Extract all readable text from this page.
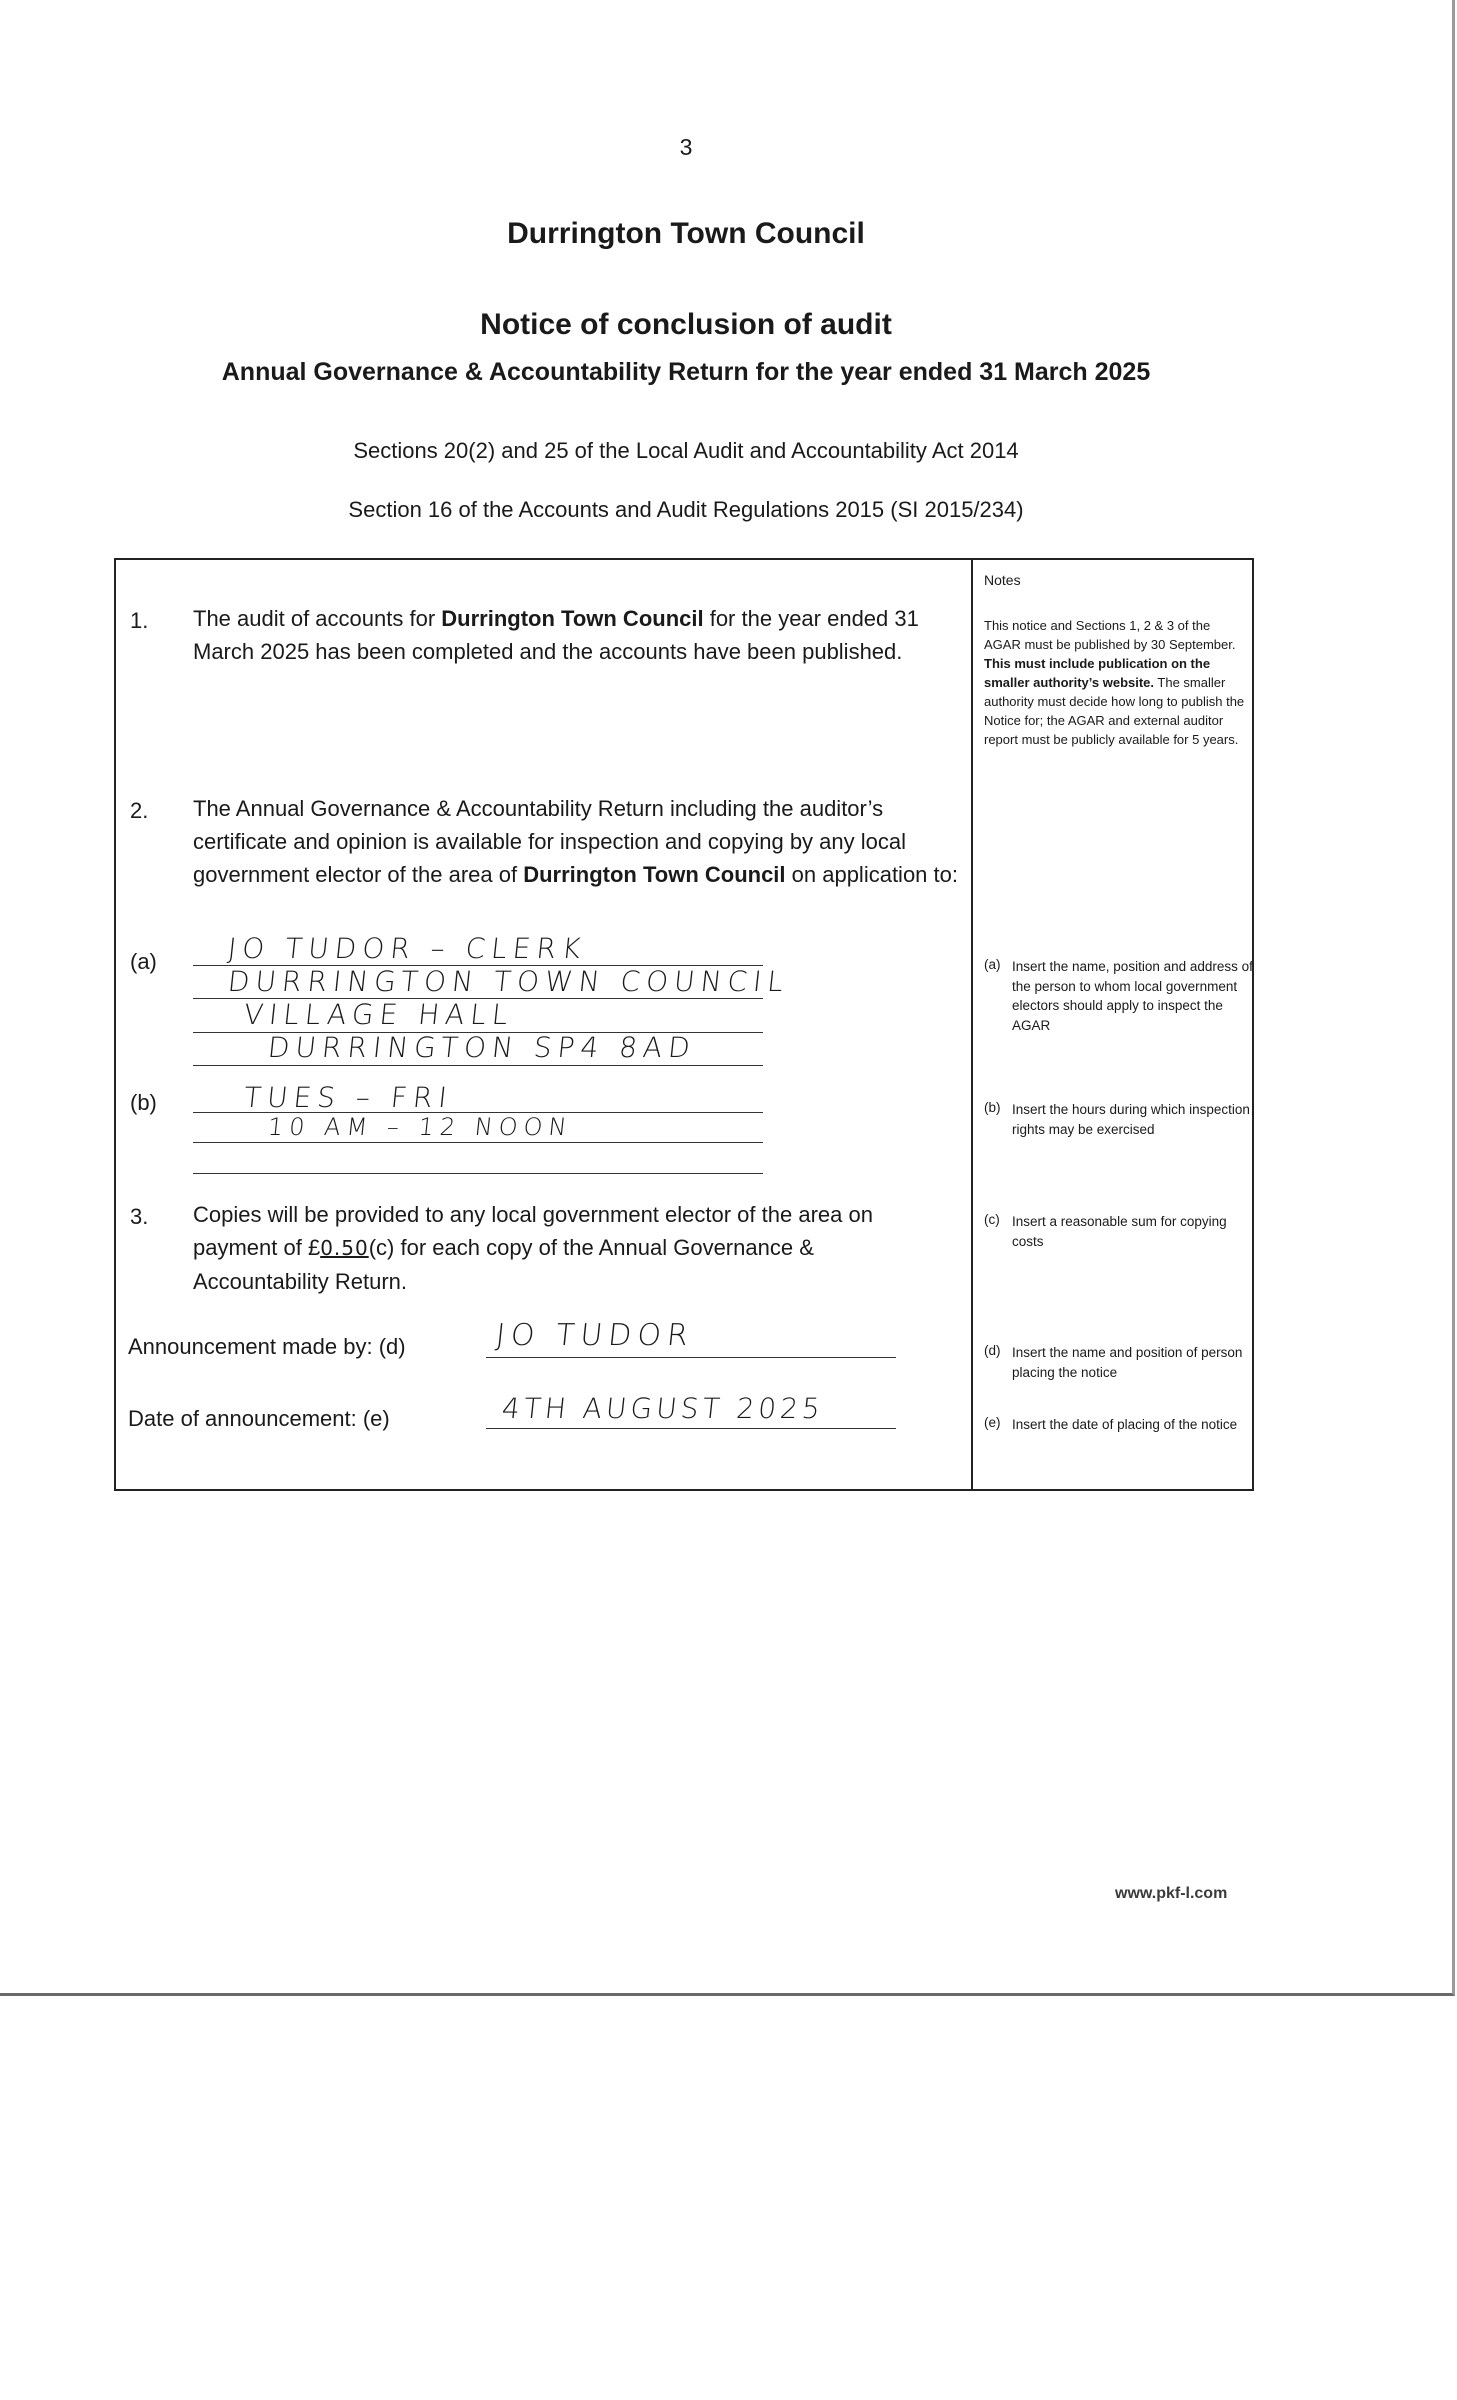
3
Durrington Town Council
Notice of conclusion of audit
Annual Governance & Accountability Return for the year ended 31 March 2025
Sections 20(2) and 25 of the Local Audit and Accountability Act 2014
Section 16 of the Accounts and Audit Regulations 2015 (SI 2015/234)
1. The audit of accounts for Durrington Town Council for the year ended 31 March 2025 has been completed and the accounts have been published.
2. The Annual Governance & Accountability Return including the auditor’s certificate and opinion is available for inspection and copying by any local government elector of the area of Durrington Town Council on application to:
(a) JO TUDOR – CLERK
DURRINGTON TOWN COUNCIL
VILLAGE HALL
DURRINGTON SP4 8AD
(b)	TUES – FRI
10 AM – 12 NOON
3. Copies will be provided to any local government elector of the area on payment of £0.50(c) for each copy of the Annual Governance & Accountability Return.
Announcement made by: (d)	JO TUDOR
Date of announcement: (e)	4TH AUGUST 2025
Notes
This notice and Sections 1, 2 & 3 of the AGAR must be published by 30 September. This must include publication on the smaller authority’s website. The smaller authority must decide how long to publish the Notice for; the AGAR and external auditor report must be publicly available for 5 years.
(a) Insert the name, position and address of the person to whom local government electors should apply to inspect the AGAR
(b) Insert the hours during which inspection rights may be exercised
(c) Insert a reasonable sum for copying costs
(d) Insert the name and position of person placing the notice
(e) Insert the date of placing of the notice
www.pkf-l.com
